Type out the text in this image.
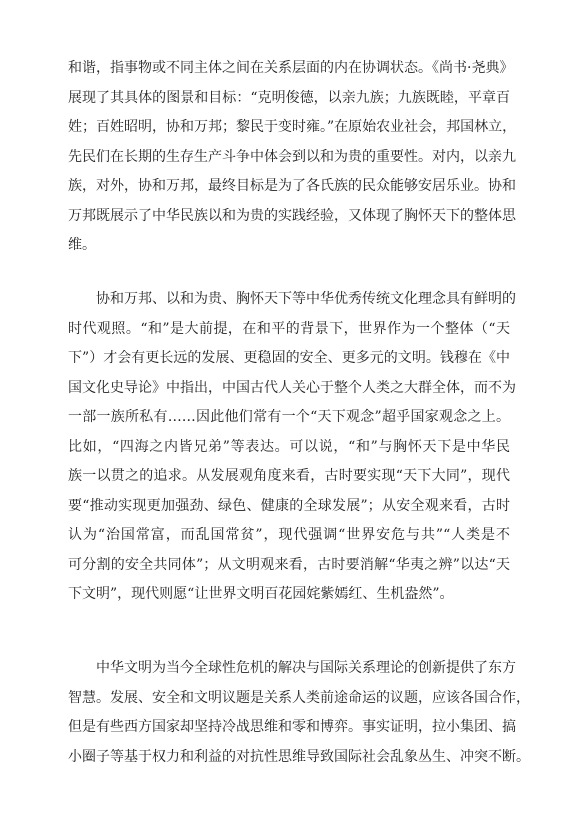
和谐，指事物或不同主体之间在关系层面的内在协调状态。《尚书·尧典》
展现了其具体的图景和目标：“克明俊德，以亲九族；九族既睦，平章百
姓；百姓昭明，协和万邦；黎民于变时雍。”在原始农业社会，邦国林立，
先民们在长期的生存生产斗争中体会到以和为贵的重要性。对内，以亲九
族，对外，协和万邦，最终目标是为了各氏族的民众能够安居乐业。协和
万邦既展示了中华民族以和为贵的实践经验，又体现了胸怀天下的整体思
维。
协和万邦、以和为贵、胸怀天下等中华优秀传统文化理念具有鲜明的
时代观照。“和”是大前提，在和平的背景下，世界作为一个整体（“天
下”）才会有更长远的发展、更稳固的安全、更多元的文明。钱穆在《中
国文化史导论》中指出，中国古代人关心于整个人类之大群全体，而不为
一部一族所私有……因此他们常有一个“天下观念”超乎国家观念之上。
比如，“四海之内皆兄弟”等表达。可以说，“和”与胸怀天下是中华民
族一以贯之的追求。从发展观角度来看，古时要实现“天下大同”，现代
要“推动实现更加强劲、绿色、健康的全球发展”；从安全观来看，古时
认为“治国常富，而乱国常贫”，现代强调“世界安危与共”“人类是不
可分割的安全共同体”；从文明观来看，古时要消解“华夷之辨”以达“天
下文明”，现代则愿“让世界文明百花园姹紫嫣红、生机盎然”。
中华文明为当今全球性危机的解决与国际关系理论的创新提供了东方
智慧。发展、安全和文明议题是关系人类前途命运的议题，应该各国合作，
但是有些西方国家却坚持冷战思维和零和博弈。事实证明，拉小集团、搞
小圈子等基于权力和利益的对抗性思维导致国际社会乱象丛生、冲突不断。
